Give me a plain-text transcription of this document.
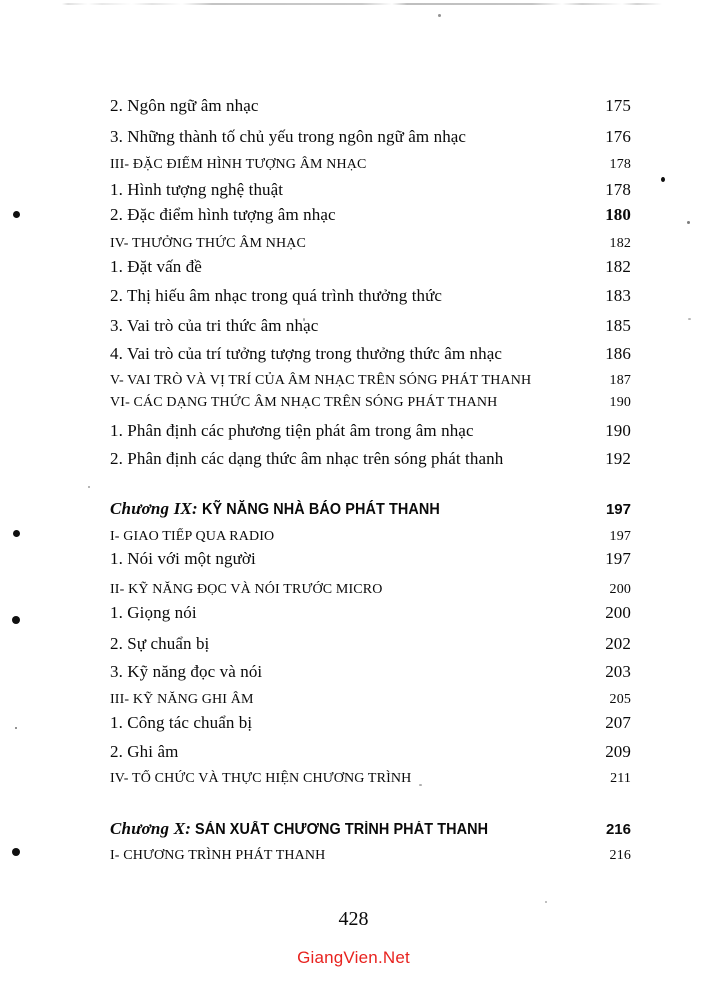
2. Ngôn ngữ âm nhạc	175
3. Những thành tố chủ yếu trong ngôn ngữ âm nhạc	176
III- ĐẶC ĐIỂM HÌNH TƯỢNG ÂM NHẠC	178
1. Hình tượng nghệ thuật	178
2. Đặc điểm hình tượng âm nhạc	180
IV- THƯỞNG THỨC ÂM NHẠC	182
1. Đặt vấn đề	182
2. Thị hiếu âm nhạc trong quá trình thưởng thức	183
3. Vai trò của tri thức âm nhạc	185
4. Vai trò của trí tưởng tượng trong thưởng thức âm nhạc	186
V- VAI TRÒ VÀ VỊ TRÍ CỦA ÂM NHẠC TRÊN SÓNG PHÁT THANH	187
VI- CÁC DẠNG THỨC ÂM NHẠC TRÊN SÓNG PHÁT THANH	190
1. Phân định các phương tiện phát âm trong âm nhạc	190
2. Phân định các dạng thức âm nhạc trên sóng phát thanh	192
Chương IX: KỸ NĂNG NHÀ BÁO PHÁT THANH	197
I- GIAO TIẾP QUA RADIO	197
1. Nói với một người	197
II- KỸ NĂNG ĐỌC VÀ NÓI TRƯỚC MICRO	200
1. Giọng nói	200
2. Sự chuẩn bị	202
3. Kỹ năng đọc và nói	203
III- KỸ NĂNG GHI ÂM	205
1. Công tác chuẩn bị	207
2. Ghi âm	209
IV- TỔ CHỨC VÀ THỰC HIỆN CHƯƠNG TRÌNH	211
Chương X: SẢN XUẤT CHƯƠNG TRÌNH PHÁT THANH	216
I- CHƯƠNG TRÌNH PHÁT THANH	216
428
GiangVien.Net
